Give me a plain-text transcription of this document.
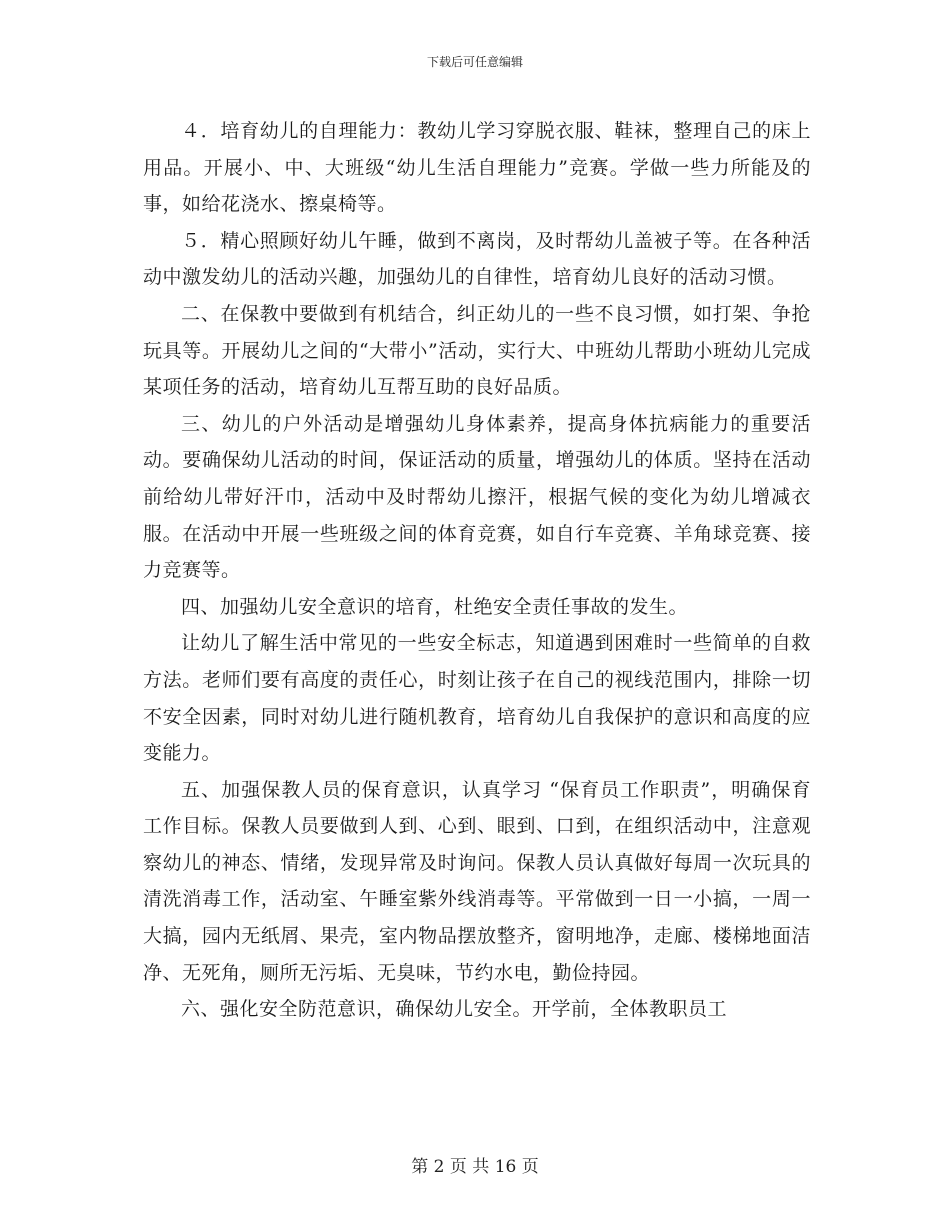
下载后可任意编辑

４．培育幼儿的自理能力：教幼儿学习穿脱衣服、鞋袜，整理自己的床上用品。开展小、中、大班级“幼儿生活自理能力”竞赛。学做一些力所能及的事，如给花浇水、擦桌椅等。

５．精心照顾好幼儿午睡，做到不离岗，及时帮幼儿盖被子等。在各种活动中激发幼儿的活动兴趣，加强幼儿的自律性，培育幼儿良好的活动习惯。

二、在保教中要做到有机结合，纠正幼儿的一些不良习惯，如打架、争抢玩具等。开展幼儿之间的“大带小”活动，实行大、中班幼儿帮助小班幼儿完成某项任务的活动，培育幼儿互帮互助的良好品质。

三、幼儿的户外活动是增强幼儿身体素养，提高身体抗病能力的重要活动。要确保幼儿活动的时间，保证活动的质量，增强幼儿的体质。坚持在活动前给幼儿带好汗巾，活动中及时帮幼儿擦汗，根据气候的变化为幼儿增减衣服。在活动中开展一些班级之间的体育竞赛，如自行车竞赛、羊角球竞赛、接力竞赛等。

四、加强幼儿安全意识的培育，杜绝安全责任事故的发生。

让幼儿了解生活中常见的一些安全标志，知道遇到困难时一些简单的自救方法。老师们要有高度的责任心，时刻让孩子在自己的视线范围内，排除一切不安全因素，同时对幼儿进行随机教育，培育幼儿自我保护的意识和高度的应变能力。

五、加强保教人员的保育意识，认真学习 “保育员工作职责”，明确保育工作目标。保教人员要做到人到、心到、眼到、口到，在组织活动中，注意观察幼儿的神态、情绪，发现异常及时询问。保教人员认真做好每周一次玩具的清洗消毒工作，活动室、午睡室紫外线消毒等。平常做到一日一小搞，一周一大搞，园内无纸屑、果壳，室内物品摆放整齐，窗明地净，走廊、楼梯地面洁净、无死角，厕所无污垢、无臭味，节约水电，勤俭持园。

六、强化安全防范意识，确保幼儿安全。开学前，全体教职员工

第 2 页 共 16 页
